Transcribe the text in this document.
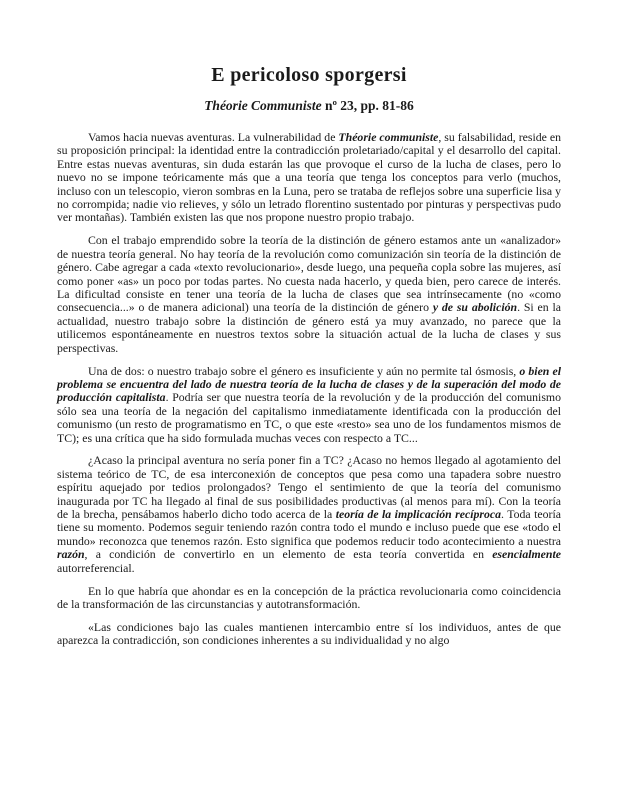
E pericoloso sporgersi
Théorie Communiste nº 23, pp. 81-86

Vamos hacia nuevas aventuras. La vulnerabilidad de Théorie communiste, su falsabilidad, reside en su proposición principal: la identidad entre la contradicción proletariado/capital y el desarrollo del capital. Entre estas nuevas aventuras, sin duda estarán las que provoque el curso de la lucha de clases, pero lo nuevo no se impone teóricamente más que a una teoría que tenga los conceptos para verlo (muchos, incluso con un telescopio, vieron sombras en la Luna, pero se trataba de reflejos sobre una superficie lisa y no corrompida; nadie vio relieves, y sólo un letrado florentino sustentado por pinturas y perspectivas pudo ver montañas). También existen las que nos propone nuestro propio trabajo.

Con el trabajo emprendido sobre la teoría de la distinción de género estamos ante un «analizador» de nuestra teoría general. No hay teoría de la revolución como comunización sin teoría de la distinción de género. Cabe agregar a cada «texto revolucionario», desde luego, una pequeña copla sobre las mujeres, así como poner «as» un poco por todas partes. No cuesta nada hacerlo, y queda bien, pero carece de interés. La dificultad consiste en tener una teoría de la lucha de clases que sea intrínsecamente (no «como consecuencia...» o de manera adicional) una teoría de la distinción de género y de su abolición. Si en la actualidad, nuestro trabajo sobre la distinción de género está ya muy avanzado, no parece que la utilicemos espontáneamente en nuestros textos sobre la situación actual de la lucha de clases y sus perspectivas.

Una de dos: o nuestro trabajo sobre el género es insuficiente y aún no permite tal ósmosis, o bien el problema se encuentra del lado de nuestra teoría de la lucha de clases y de la superación del modo de producción capitalista. Podría ser que nuestra teoría de la revolución y de la producción del comunismo sólo sea una teoría de la negación del capitalismo inmediatamente identificada con la producción del comunismo (un resto de programatismo en TC, o que este «resto» sea uno de los fundamentos mismos de TC); es una crítica que ha sido formulada muchas veces con respecto a TC...

¿Acaso la principal aventura no sería poner fin a TC? ¿Acaso no hemos llegado al agotamiento del sistema teórico de TC, de esa interconexión de conceptos que pesa como una tapadera sobre nuestro espíritu aquejado por tedios prolongados? Tengo el sentimiento de que la teoría del comunismo inaugurada por TC ha llegado al final de sus posibilidades productivas (al menos para mí). Con la teoría de la brecha, pensábamos haberlo dicho todo acerca de la teoría de la implicación recíproca. Toda teoría tiene su momento. Podemos seguir teniendo razón contra todo el mundo e incluso puede que ese «todo el mundo» reconozca que tenemos razón. Esto significa que podemos reducir todo acontecimiento a nuestra razón, a condición de convertirlo en un elemento de esta teoría convertida en esencialmente autorreferencial.

En lo que habría que ahondar es en la concepción de la práctica revolucionaria como coincidencia de la transformación de las circunstancias y autotransformación.

«Las condiciones bajo las cuales mantienen intercambio entre sí los individuos, antes de que aparezca la contradicción, son condiciones inherentes a su individualidad y no algo
